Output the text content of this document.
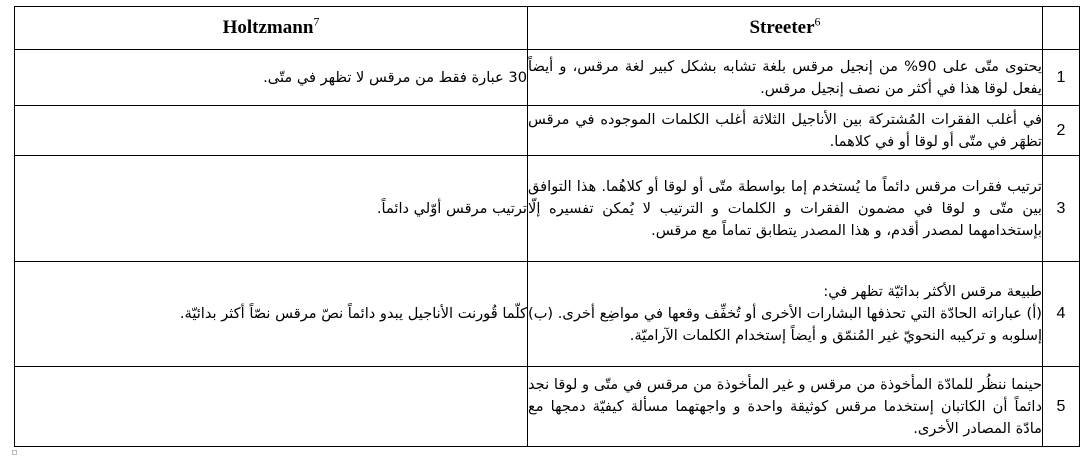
Holtzmann$^7$	Streeter$^6$	
30 عبارة فقط من مرقس لا تظهر في متّى.	يحتوى متّى على 90% من إنجيل مرقس بلغة تشابه بشكل كبير لغة مرقس، و أيضاً يفعل لوقا هذا في أكثر من نصف إنجيل مرقس.	1
	في أغلب الفقرات المُشتركة بين الأناجيل الثلاثة أغلب الكلمات الموجوده في مرقس تظهَر في متّى أو لوقا أو في كلاهما.	2
ترتيب مرقس أوّلي دائماً.	ترتيب فقرات مرقس دائماً ما يُستخدم إما بواسطة متّى أو لوقا أو كلاهُما. هذا التوافق بين متّى و لوقا في مضمون الفقرات و الكلمات و الترتيب لا يُمكن تفسيره إلّا بإستخدامهما لمصدر أقدم، و هذا المصدر يتطابق تماماً مع مرقس.	3
كلّما قُورنت الأناجيل يبدو دائماً نصّ مرقس نصّاً أكثر بدائيّة.	طبيعة مرقس الأكثر بدائيّة تظهر في:
(أ) عباراته الحادّة التي تحذفها البشارات الأخرى أو تُخفِّف وقعها في مواضِع أخرى. (ب) إسلوبه و تركيبه النحويّ غير المُنمّق و أيضاً إستخدام الكلمات الآراميّة.	4
	حينما ننظُر للمادّة المأخوذة من مرقس و غير المأخوذة من مرقس في متّى و لوقا نجد دائماً أن الكاتبان إستخدما مرقس كوثيقة واحدة و واجهتهما مسألة كيفيّة دمجها مع مادّة المصادر الأخرى.	5
